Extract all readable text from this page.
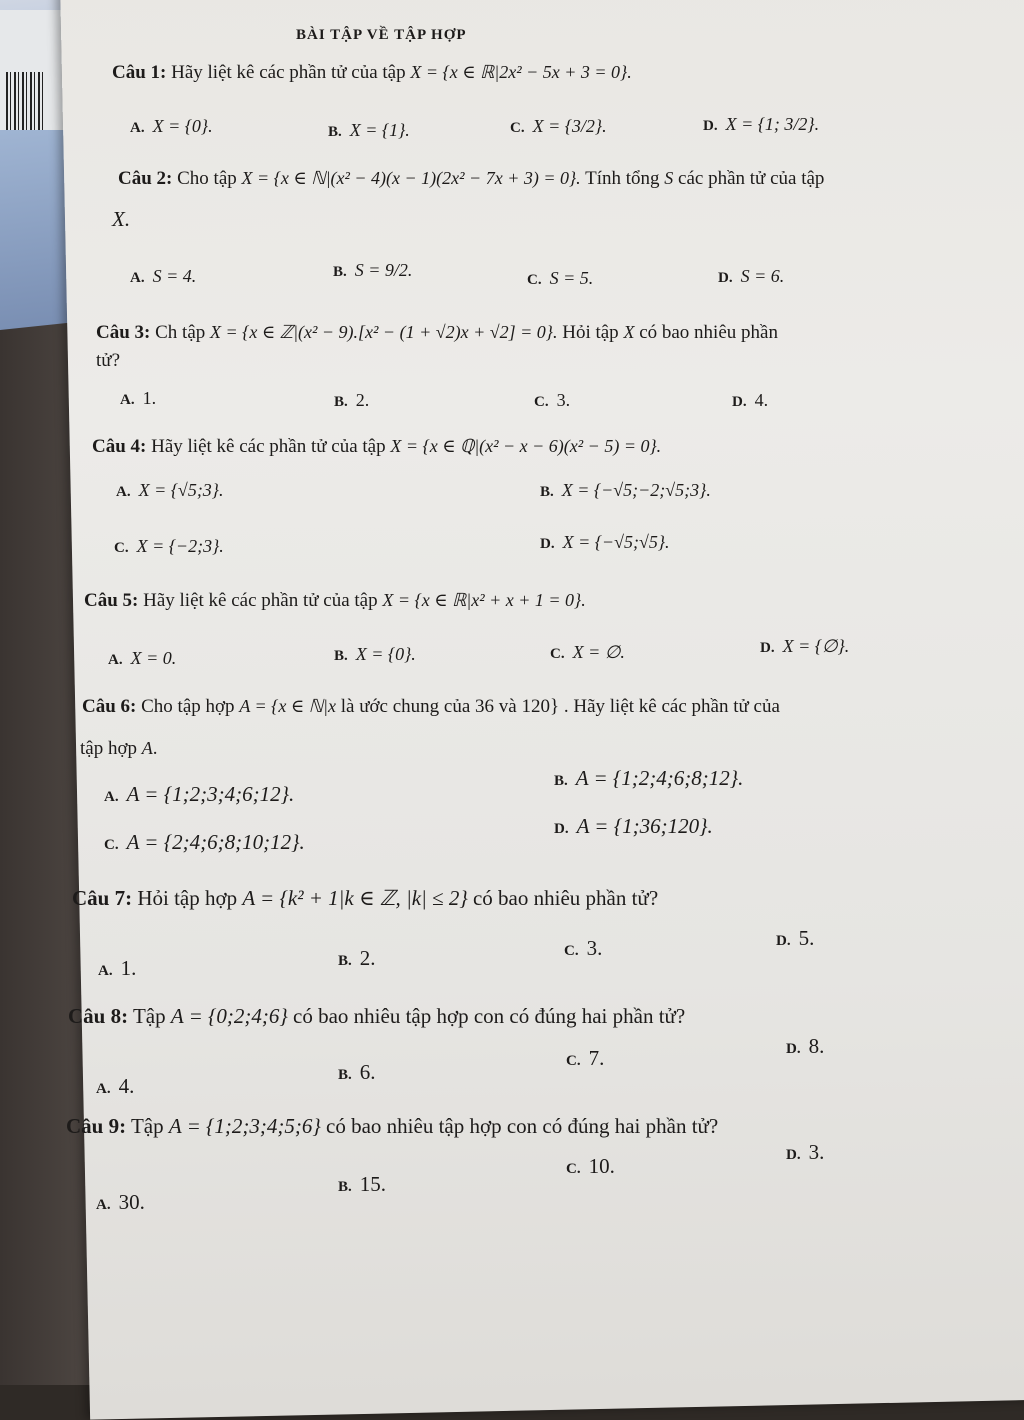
BÀI TẬP VỀ TẬP HỢP
Câu 1: Hãy liệt kê các phần tử của tập X = {x ∈ ℝ|2x² − 5x + 3 = 0}.
A. X = {0}.	B. X = {1}.	C. X = {3/2}.	D. X = {1; 3/2}.
Câu 2: Cho tập X = {x ∈ ℕ|(x² − 4)(x − 1)(2x² − 7x + 3) = 0}. Tính tổng S các phần tử của tập
X.
A. S = 4.	B. S = 9/2.	C. S = 5.	D. S = 6.
Câu 3: Ch tập X = {x ∈ ℤ|(x² − 9).[x² − (1 + √2)x + √2] = 0}. Hỏi tập X có bao nhiêu phần
tử?
A. 1.	B. 2.	C. 3.	D. 4.
Câu 4: Hãy liệt kê các phần tử của tập X = {x ∈ ℚ|(x² − x − 6)(x² − 5) = 0}.
A. X = {√5;3}.	B. X = {−√5;−2;√5;3}.
C. X = {−2;3}.	D. X = {−√5;√5}.
Câu 5: Hãy liệt kê các phần tử của tập X = {x ∈ ℝ|x² + x + 1 = 0}.
A. X = 0.	B. X = {0}.	C. X = ∅.	D. X = {∅}.
Câu 6: Cho tập hợp A = {x ∈ ℕ|x là ước chung của 36 và 120} . Hãy liệt kê các phần tử của
tập hợp A.
A. A = {1;2;3;4;6;12}.
B. A = {1;2;4;6;8;12}.
C. A = {2;4;6;8;10;12}.
D. A = {1;36;120}.
Câu 7: Hỏi tập hợp A = {k² + 1|k ∈ ℤ, |k| ≤ 2} có bao nhiêu phần tử?
A. 1.	B. 2.	C. 3.	D. 5.
Câu 8: Tập A = {0;2;4;6} có bao nhiêu tập hợp con có đúng hai phần tử?
A. 4.	B. 6.	C. 7.	D. 8.
Câu 9: Tập A = {1;2;3;4;5;6} có bao nhiêu tập hợp con có đúng hai phần tử?
A. 30.
B. 15.
C. 10.	D. 3.
